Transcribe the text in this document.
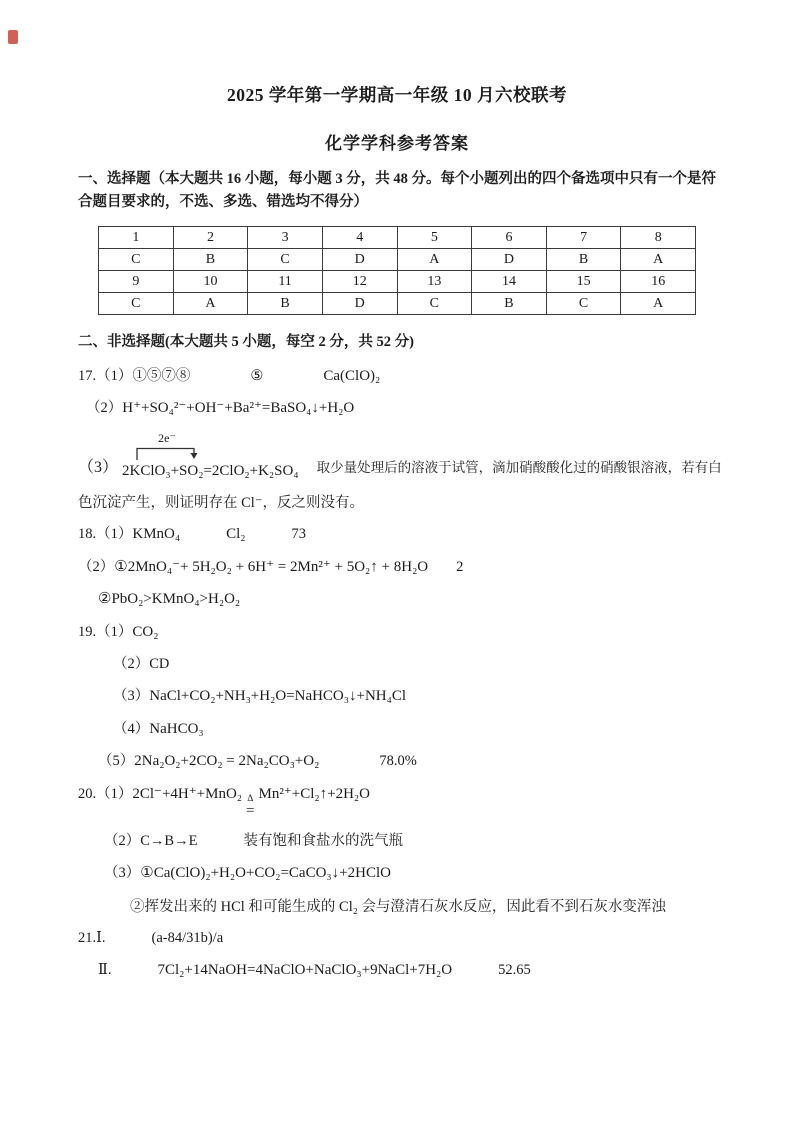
2025 学年第一学期高一年级 10 月六校联考
化学学科参考答案

一、选择题（本大题共 16 小题，每小题 3 分，共 48 分。每个小题列出的四个备选项中只有一个是符合题目要求的，不选、多选、错选均不得分）

1	2	3	4	5	6	7	8
C	B	C	D	A	D	B	A
9	10	11	12	13	14	15	16
C	A	B	D	C	B	C	A

二、非选择题(本大题共 5 小题，每空 2 分，共 52 分)

17.（1）①⑤⑦⑧	⑤	Ca(ClO)₂

（2）H⁺+SO₄²⁻+OH⁻+Ba²⁺=BaSO₄↓+H₂O

（3）
2e⁻
2KClO₃+SO₂=2ClO₂+K₂SO₄ 取少量处理后的溶液于试管，滴加硝酸酸化过的硝酸银溶液，若有白

色沉淀产生，则证明存在 Cl⁻，反之则没有。

18.（1）KMnO₄	Cl₂	73

（2）①2MnO₄⁻+ 5H₂O₂ + 6H⁺ = 2Mn²⁺ + 5O₂↑ + 8H₂O 2

②PbO₂>KMnO₄>H₂O₂

19.（1）CO₂

（2）CD

（3）NaCl+CO₂+NH₃+H₂O=NaHCO₃↓+NH₄Cl

（4）NaHCO₃

（5）2Na₂O₂+2CO₂ = 2Na₂CO₃+O₂	78.0%

20.（1）2Cl⁻+4H⁺+MnO₂ Δ
=
Mn²⁺+Cl₂↑+2H₂O

（2）C→B→E	装有饱和食盐水的洗气瓶

（3）①Ca(ClO)₂+H₂O+CO₂=CaCO₃↓+2HClO

②挥发出来的 HCl 和可能生成的 Cl₂ 会与澄清石灰水反应，因此看不到石灰水变浑浊

21.Ⅰ.	(a-84/31b)/a

Ⅱ.	7Cl₂+14NaOH=4NaClO+NaClO₃+9NaCl+7H₂O	52.65
